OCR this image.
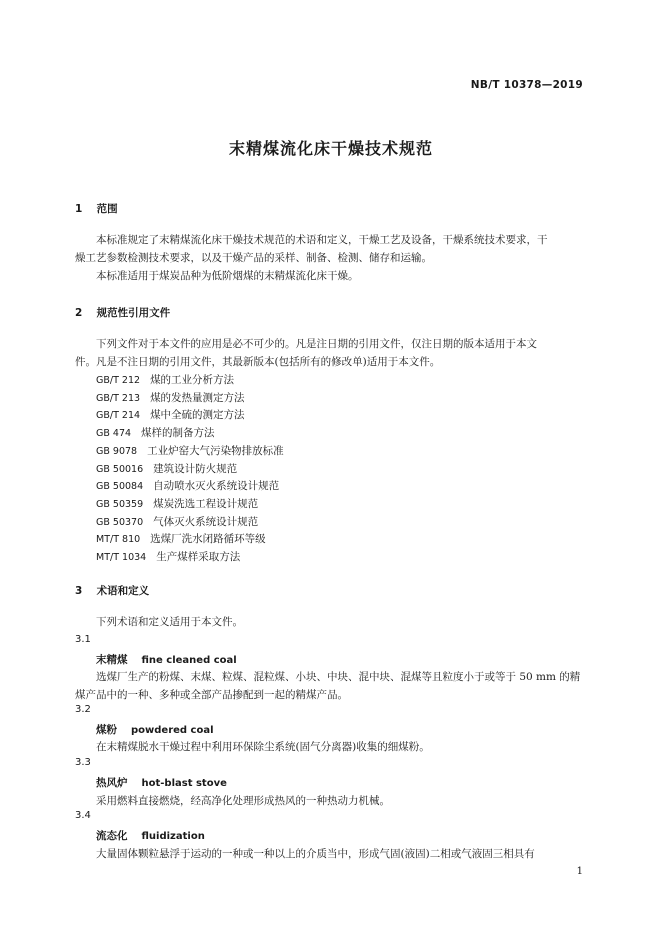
NB/T 10378—2019
末精煤流化床干燥技术规范
1 范围
本标准规定了末精煤流化床干燥技术规范的术语和定义，干燥工艺及设备，干燥系统技术要求，干
燥工艺参数检测技术要求，以及干燥产品的采样、制备、检测、储存和运输。
本标准适用于煤炭品种为低阶烟煤的末精煤流化床干燥。
2 规范性引用文件
下列文件对于本文件的应用是必不可少的。凡是注日期的引用文件，仅注日期的版本适用于本文
件。凡是不注日期的引用文件，其最新版本(包括所有的修改单)适用于本文件。
GB/T 212 煤的工业分析方法
GB/T 213 煤的发热量测定方法
GB/T 214 煤中全硫的测定方法
GB 474 煤样的制备方法
GB 9078 工业炉窑大气污染物排放标准
GB 50016 建筑设计防火规范
GB 50084 自动喷水灭火系统设计规范
GB 50359 煤炭洗选工程设计规范
GB 50370 气体灭火系统设计规范
MT/T 810 选煤厂洗水闭路循环等级
MT/T 1034 生产煤样采取方法
3 术语和定义
下列术语和定义适用于本文件。
3.1
末精煤 fine cleaned coal
选煤厂生产的粉煤、末煤、粒煤、混粒煤、小块、中块、混中块、混煤等且粒度小于或等于 50 mm 的精
煤产品中的一种、多种或全部产品掺配到一起的精煤产品。
3.2
煤粉 powdered coal
在末精煤脱水干燥过程中利用环保除尘系统(固气分离器)收集的细煤粉。
3.3
热风炉 hot-blast stove
采用燃料直接燃烧，经高净化处理形成热风的一种热动力机械。
3.4
流态化 fluidization
大量固体颗粒悬浮于运动的一种或一种以上的介质当中，形成气固(液固)二相或气液固三相具有
1
